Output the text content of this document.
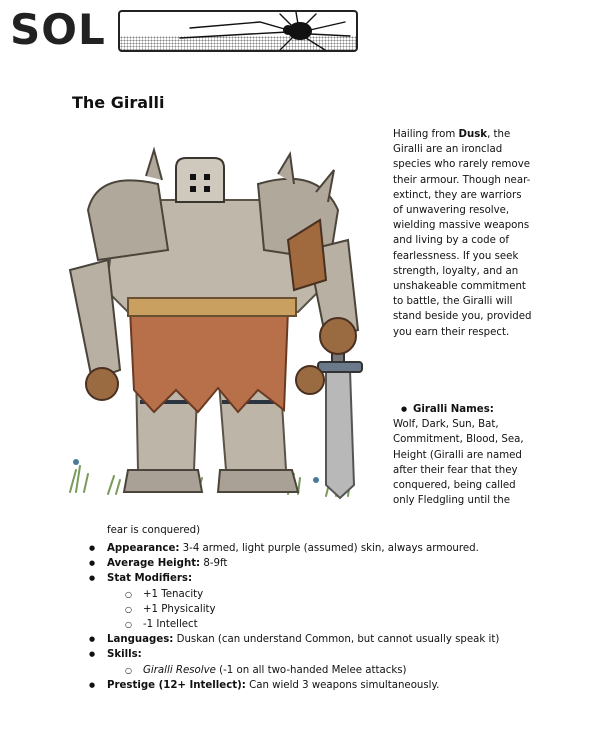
SOL
The Giralli
Hailing from Dusk, the Giralli are an ironclad species who rarely remove their armour. Though near-extinct, they are warriors of unwavering resolve, wielding massive weapons and living by a code of fearlessness. If you seek strength, loyalty, and an unshakeable commitment to battle, the Giralli will stand beside you, provided you earn their respect.
● Giralli Names:
Wolf, Dark, Sun, Bat, Commitment, Blood, Sea, Height (Giralli are named after their fear that they conquered, being called only Fledgling until the
fear is conquered)
● Appearance: 3-4 armed, light purple (assumed) skin, always armoured.
● Average Height: 8-9ft
● Stat Modifiers:
○ +1 Tenacity
○ +1 Physicality
○ -1 Intellect
● Languages: Duskan (can understand Common, but cannot usually speak it)
● Skills:
○ Giralli Resolve (-1 on all two-handed Melee attacks)
● Prestige (12+ Intellect): Can wield 3 weapons simultaneously.
